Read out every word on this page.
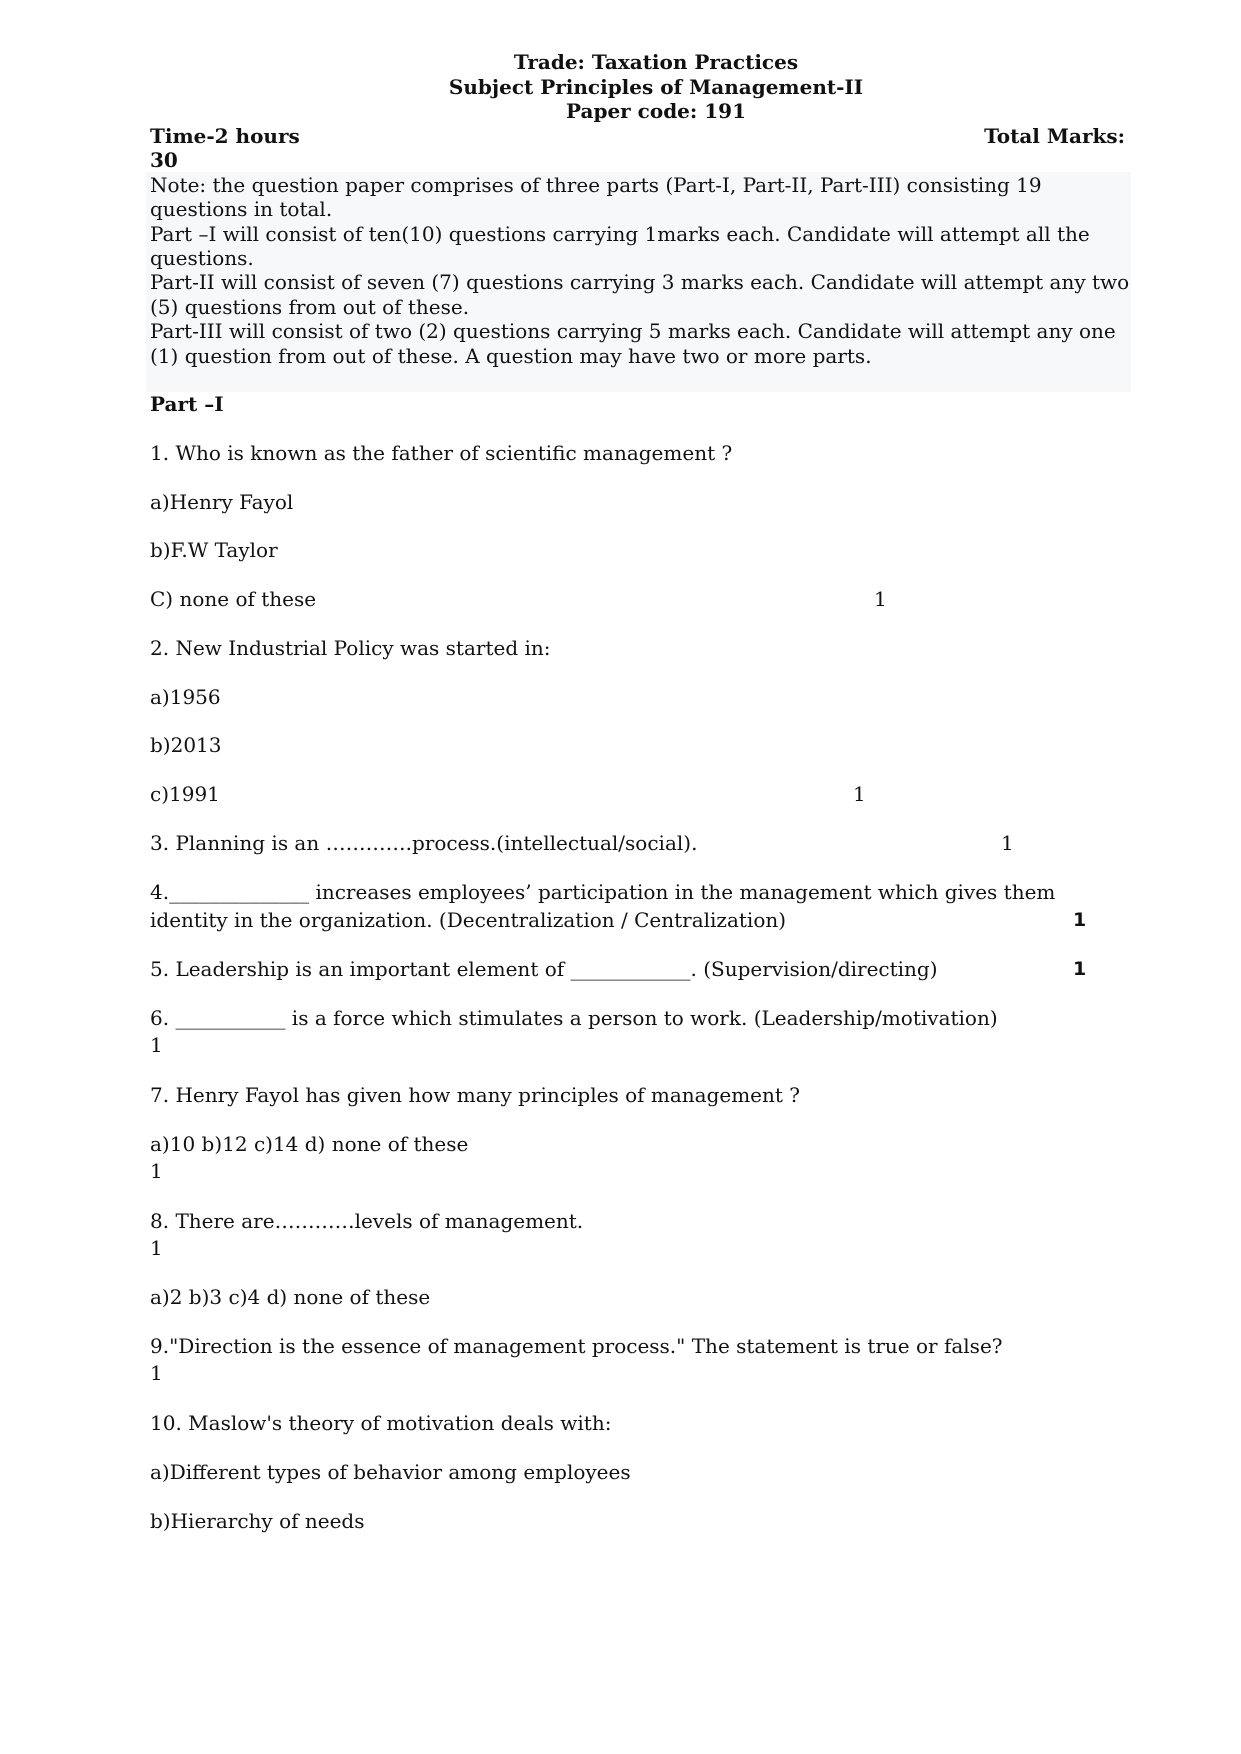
Trade: Taxation Practices
Subject Principles of Management-II
Paper code: 191
Time-2 hours	Total Marks:
30
Note: the question paper comprises of three parts (Part-I, Part-II, Part-III) consisting 19
questions in total.
Part –I will consist of ten(10) questions carrying 1marks each. Candidate will attempt all the
questions.
Part-II will consist of seven (7) questions carrying 3 marks each. Candidate will attempt any two
(5) questions from out of these.
Part-III will consist of two (2) questions carrying 5 marks each. Candidate will attempt any one
(1) question from out of these. A question may have two or more parts.
Part –I
1. Who is known as the father of scientific management ?
a)Henry Fayol
b)F.W Taylor
C) none of these	1
2. New Industrial Policy was started in:
a)1956
b)2013
c)1991	1
3. Planning is an ………….process.(intellectual/social).	1
4.______________ increases employees’ participation in the management which gives them
identity in the organization. (Decentralization / Centralization)	1
5. Leadership is an important element of ____________. (Supervision/directing)	1
6. ___________ is a force which stimulates a person to work. (Leadership/motivation)
1
7. Henry Fayol has given how many principles of management ?
a)10 b)12 c)14 d) none of these
1
8. There are…………levels of management.
1
a)2 b)3 c)4 d) none of these
9."Direction is the essence of management process." The statement is true or false?
1
10. Maslow's theory of motivation deals with:
a)Different types of behavior among employees
b)Hierarchy of needs
